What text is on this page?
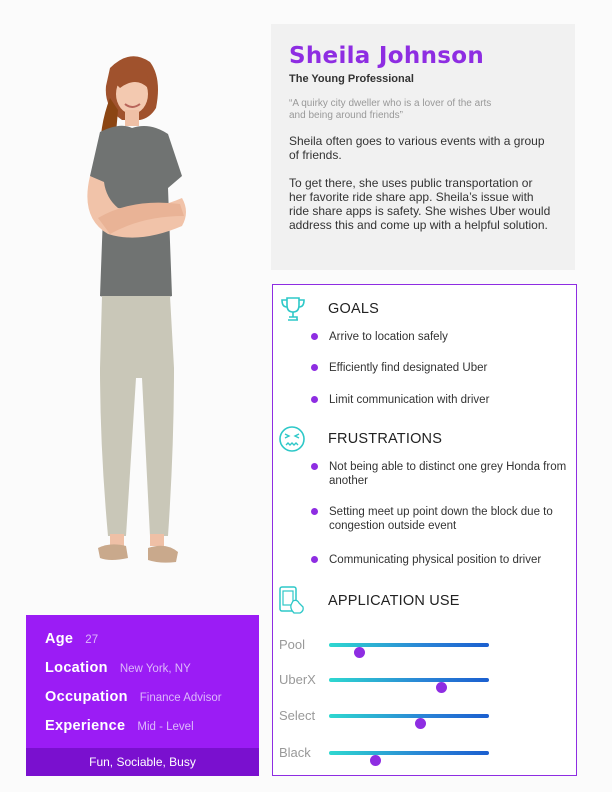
Sheila Johnson
The Young Professional
“A quirky city dweller who is a lover of the arts and being around friends”
Sheila often goes to various events with a group of friends.

To get there, she uses public transportation or her favorite ride share app. Sheila’s issue with ride share apps is safety. She wishes Uber would address this and come up with a helpful solution.
GOALS
Arrive to location safely
Efficiently find designated Uber
Limit communication with driver
FRUSTRATIONS
Not being able to distinct one grey Honda from another
Setting meet up point down the block due to congestion outside event
Communicating physical position to driver
APPLICATION USE
Pool
UberX
Select
Black
Age 27
Location New York, NY
Occupation Finance Advisor
Experience Mid - Level
Fun, Sociable, Busy
